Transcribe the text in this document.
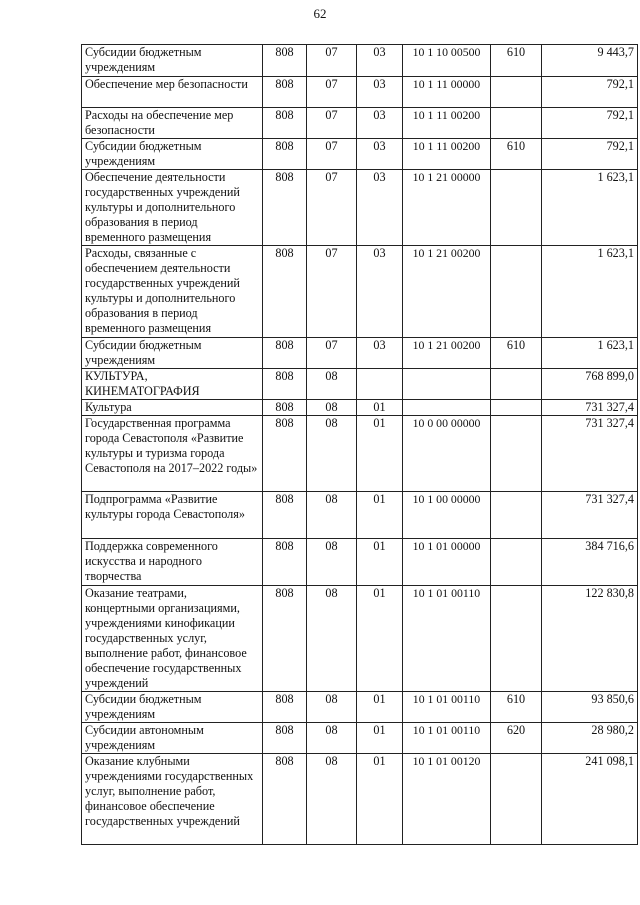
62
Субсидии бюджетным учреждениям	808	07	03	10 1 10 00500	610	9 443,7
Обеспечение мер безопасности	808	07	03	10 1 11 00000		792,1
Расходы на обеспечение мер безопасности	808	07	03	10 1 11 00200		792,1
Субсидии бюджетным учреждениям	808	07	03	10 1 11 00200	610	792,1
Обеспечение деятельности государственных учреждений культуры и дополнительного образования в период временного размещения	808	07	03	10 1 21 00000		1 623,1
Расходы, связанные с обеспечением деятельности государственных учреждений культуры и дополнительного образования в период временного размещения	808	07	03	10 1 21 00200		1 623,1
Субсидии бюджетным учреждениям	808	07	03	10 1 21 00200	610	1 623,1
КУЛЬТУРА, КИНЕМАТОГРАФИЯ	808	08				768 899,0
Культура	808	08	01			731 327,4
Государственная программа города Севастополя «Развитие культуры и туризма города Севастополя на 2017–2022 годы»	808	08	01	10 0 00 00000		731 327,4
Подпрограмма «Развитие культуры города Севастополя»	808	08	01	10 1 00 00000		731 327,4
Поддержка современного искусства и народного творчества	808	08	01	10 1 01 00000		384 716,6
Оказание театрами, концертными организациями, учреждениями кинофикации государственных услуг, выполнение работ, финансовое обеспечение государственных учреждений	808	08	01	10 1 01 00110		122 830,8
Субсидии бюджетным учреждениям	808	08	01	10 1 01 00110	610	93 850,6
Субсидии автономным учреждениям	808	08	01	10 1 01 00110	620	28 980,2
Оказание клубными учреждениями государственных услуг, выполнение работ, финансовое обеспечение государственных учреждений	808	08	01	10 1 01 00120		241 098,1
